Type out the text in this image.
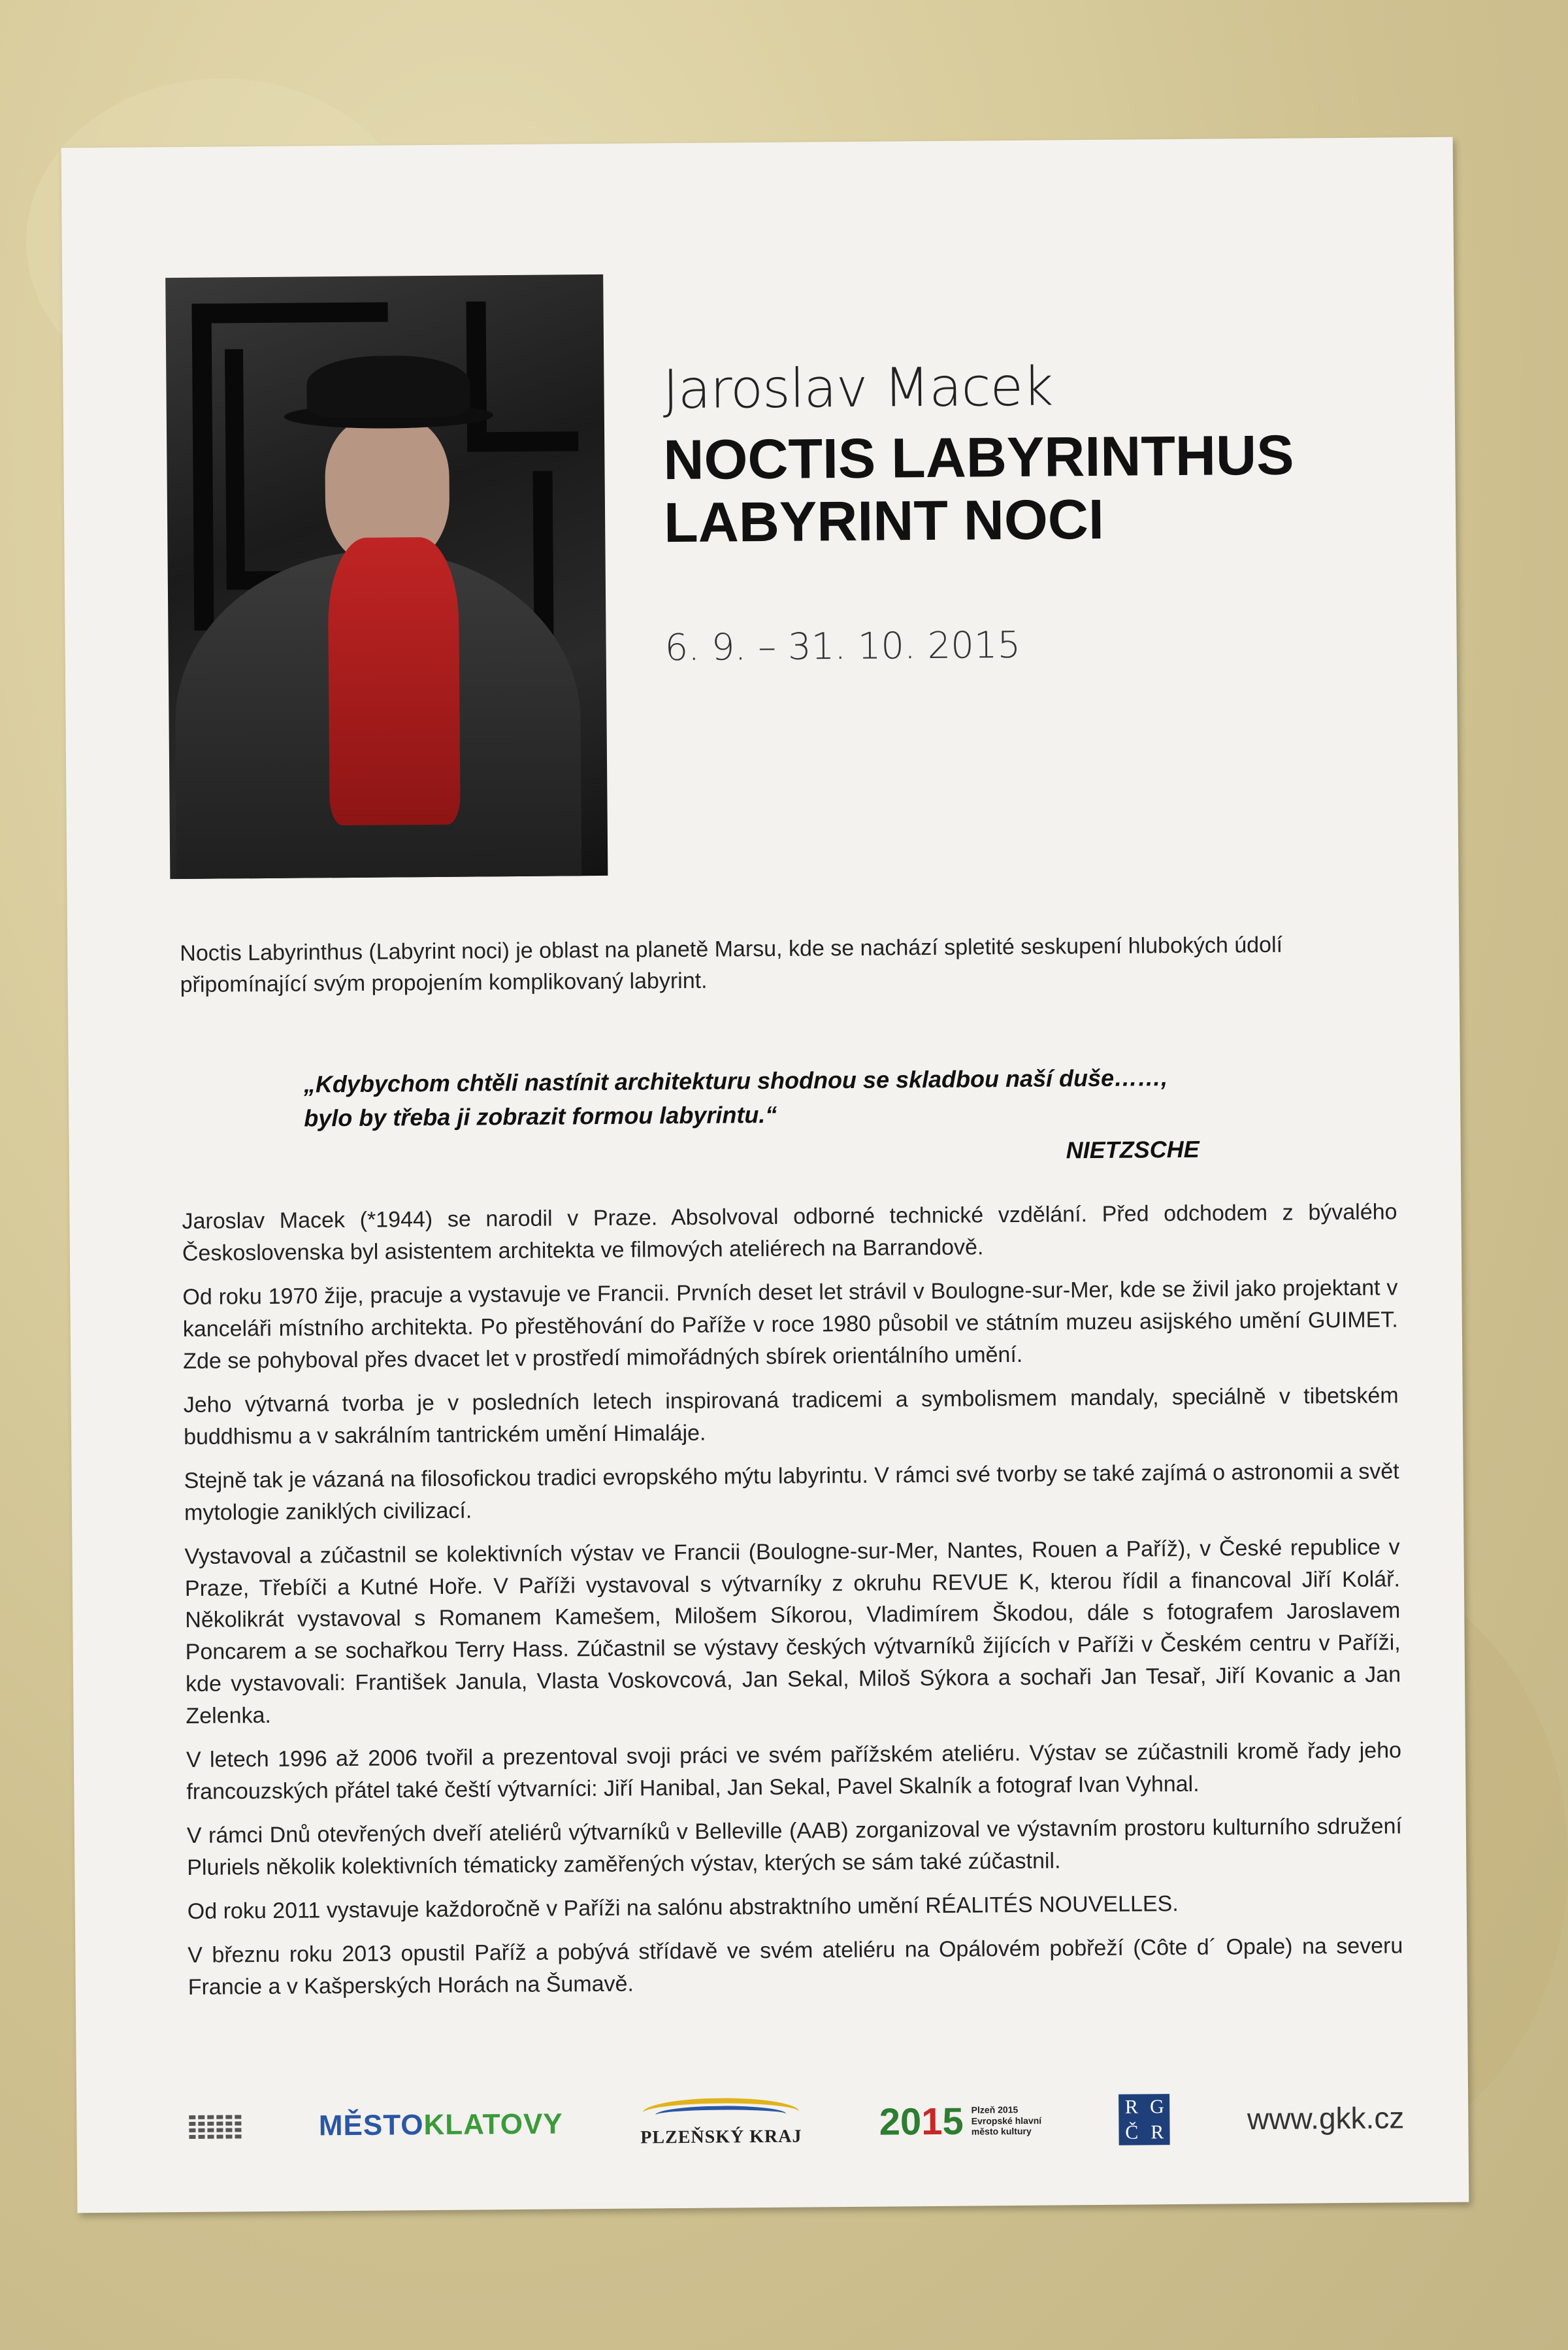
Jaroslav Macek
NOCTIS LABYRINTHUS
LABYRINT NOCI
6. 9. – 31. 10. 2015
Noctis Labyrinthus (Labyrint noci) je oblast na planetě Marsu, kde se nachází spletité seskupení hlubokých údolí připomínající svým propojením komplikovaný labyrint.
„Kdybychom chtěli nastínit architekturu shodnou se skladbou naší duše……,
bylo by třeba ji zobrazit formou labyrintu.“
NIETZSCHE

Jaroslav Macek (*1944) se narodil v Praze. Absolvoval odborné technické vzdělání. Před odchodem z bývalého Československa byl asistentem architekta ve filmových ateliérech na Barrandově.

Od roku 1970 žije, pracuje a vystavuje ve Francii. Prvních deset let strávil v Boulogne-sur-Mer, kde se živil jako projektant v kanceláři místního architekta. Po přestěhování do Paříže v roce 1980 působil ve státním muzeu asijského umění GUIMET. Zde se pohyboval přes dvacet let v prostředí mimořádných sbírek orientálního umění.

Jeho výtvarná tvorba je v posledních letech inspirovaná tradicemi a symbolismem mandaly, speciálně v tibetském buddhismu a v sakrálním tantrickém umění Himaláje.

Stejně tak je vázaná na filosofickou tradici evropského mýtu labyrintu. V rámci své tvorby se také zajímá o astronomii a svět mytologie zaniklých civilizací.

Vystavoval a zúčastnil se kolektivních výstav ve Francii (Boulogne-sur-Mer, Nantes, Rouen a Paříž), v České republice v Praze, Třebíči a Kutné Hoře. V Paříži vystavoval s výtvarníky z okruhu REVUE K, kterou řídil a financoval Jiří Kolář. Několikrát vystavoval s Romanem Kamešem, Milošem Síkorou, Vladimírem Škodou, dále s fotografem Jaroslavem Poncarem a se sochařkou Terry Hass. Zúčastnil se výstavy českých výtvarníků žijících v Paříži v Českém centru v Paříži, kde vystavovali: František Janula, Vlasta Voskovcová, Jan Sekal, Miloš Sýkora a sochaři Jan Tesař, Jiří Kovanic a Jan Zelenka.

V letech 1996 až 2006 tvořil a prezentoval svoji práci ve svém pařížském ateliéru. Výstav se zúčastnili kromě řady jeho francouzských přátel také čeští výtvarníci: Jiří Hanibal, Jan Sekal, Pavel Skalník a fotograf Ivan Vyhnal.

V rámci Dnů otevřených dveří ateliérů výtvarníků v Belleville (AAB) zorganizoval ve výstavním prostoru kulturního sdružení Pluriels několik kolektivních tématicky zaměřených výstav, kterých se sám také zúčastnil.

Od roku 2011 vystavuje každoročně v Paříži na salónu abstraktního umění RÉALITÉS NOUVELLES.

V březnu roku 2013 opustil Paříž a pobývá střídavě ve svém ateliéru na Opálovém pobřeží (Côte d´ Opale) na severu Francie a v Kašperských Horách na Šumavě.

MĚSTOKLATOVY	PLZEŇSKÝ KRAJ 2015 Plzeň 2015
Evropské hlavní
město kultury
R G
Č R	www.gkk.cz
